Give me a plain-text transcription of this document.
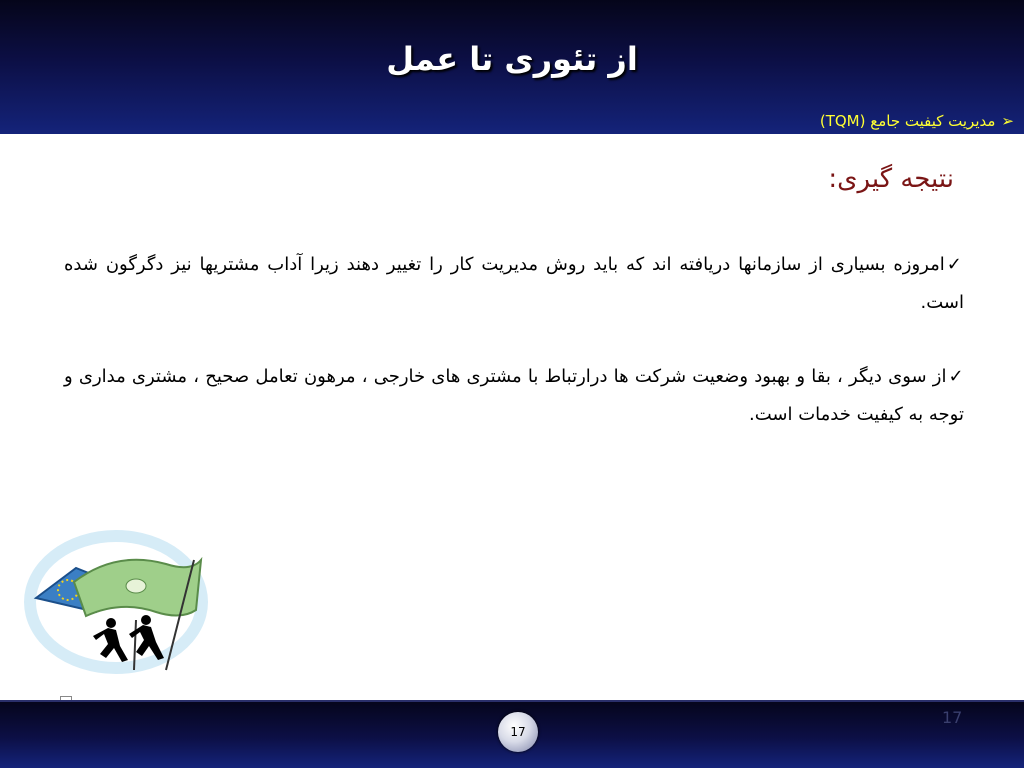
از تئوری تا عمل
➢مدیریت کیفیت جامع (TQM)
نتیجه گیری:
✓امروزه بسیاری از سازمانها دریافته اند که باید روش مدیریت کار را تغییر دهند زیرا آداب مشتریها نیز دگرگون شده است.
✓از سوی دیگر ، بقا و بهبود وضعیت شرکت ها درارتباط با مشتری های خارجی ، مرهون تعامل صحیح ، مشتری مداری و توجه به کیفیت خدمات است.
17
17
